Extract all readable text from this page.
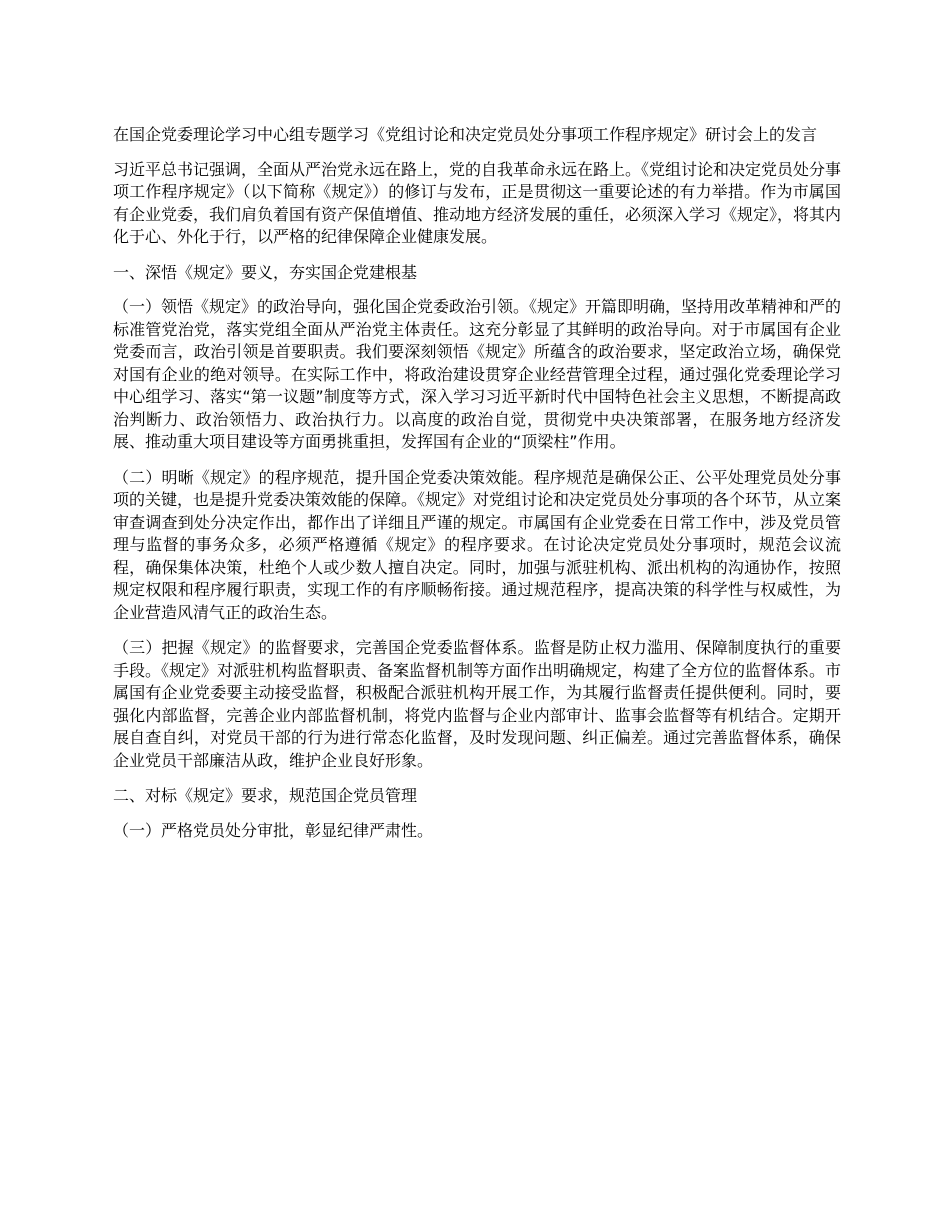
在国企党委理论学习中心组专题学习《党组讨论和决定党员处分事项工作程序规定》研讨会上的发言

习近平总书记强调，全面从严治党永远在路上，党的自我革命永远在路上。《党组讨论和决定党员处分事项工作程序规定》（以下简称《规定》）的修订与发布，正是贯彻这一重要论述的有力举措。作为市属国有企业党委，我们肩负着国有资产保值增值、推动地方经济发展的重任，必须深入学习《规定》，将其内化于心、外化于行，以严格的纪律保障企业健康发展。

一、深悟《规定》要义，夯实国企党建根基

（一）领悟《规定》的政治导向，强化国企党委政治引领。《规定》开篇即明确，坚持用改革精神和严的标准管党治党，落实党组全面从严治党主体责任。这充分彰显了其鲜明的政治导向。对于市属国有企业党委而言，政治引领是首要职责。我们要深刻领悟《规定》所蕴含的政治要求，坚定政治立场，确保党对国有企业的绝对领导。在实际工作中，将政治建设贯穿企业经营管理全过程，通过强化党委理论学习中心组学习、落实“第一议题”制度等方式，深入学习习近平新时代中国特色社会主义思想，不断提高政治判断力、政治领悟力、政治执行力。以高度的政治自觉，贯彻党中央决策部署，在服务地方经济发展、推动重大项目建设等方面勇挑重担，发挥国有企业的“顶梁柱”作用。

（二）明晰《规定》的程序规范，提升国企党委决策效能。程序规范是确保公正、公平处理党员处分事项的关键，也是提升党委决策效能的保障。《规定》对党组讨论和决定党员处分事项的各个环节，从立案审查调查到处分决定作出，都作出了详细且严谨的规定。市属国有企业党委在日常工作中，涉及党员管理与监督的事务众多，必须严格遵循《规定》的程序要求。在讨论决定党员处分事项时，规范会议流程，确保集体决策，杜绝个人或少数人擅自决定。同时，加强与派驻机构、派出机构的沟通协作，按照规定权限和程序履行职责，实现工作的有序顺畅衔接。通过规范程序，提高决策的科学性与权威性，为企业营造风清气正的政治生态。

（三）把握《规定》的监督要求，完善国企党委监督体系。监督是防止权力滥用、保障制度执行的重要手段。《规定》对派驻机构监督职责、备案监督机制等方面作出明确规定，构建了全方位的监督体系。市属国有企业党委要主动接受监督，积极配合派驻机构开展工作，为其履行监督责任提供便利。同时，要强化内部监督，完善企业内部监督机制，将党内监督与企业内部审计、监事会监督等有机结合。定期开展自查自纠，对党员干部的行为进行常态化监督，及时发现问题、纠正偏差。通过完善监督体系，确保企业党员干部廉洁从政，维护企业良好形象。

二、对标《规定》要求，规范国企党员管理

（一）严格党员处分审批，彰显纪律严肃性。
